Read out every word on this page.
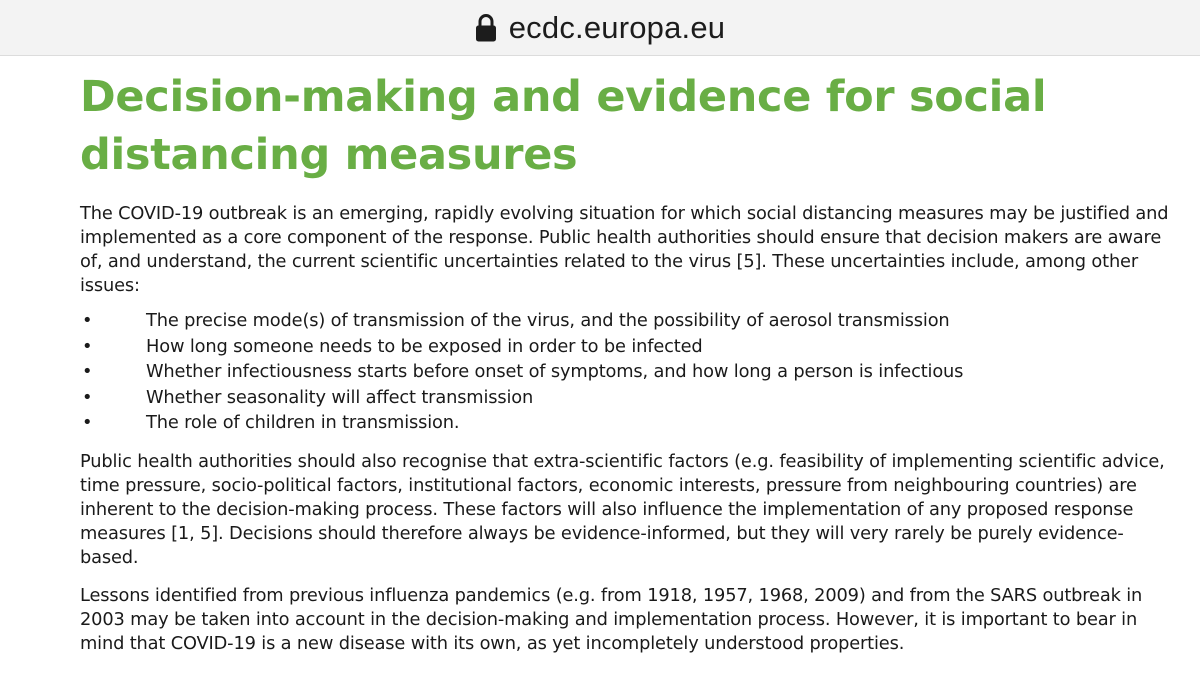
ecdc.europa.eu
Decision-making and evidence for social distancing measures

The COVID-19 outbreak is an emerging, rapidly evolving situation for which social distancing measures may be justified and implemented as a core component of the response. Public health authorities should ensure that decision makers are aware of, and understand, the current scientific uncertainties related to the virus [5]. These uncertainties include, among other issues:

•	The precise mode(s) of transmission of the virus, and the possibility of aerosol transmission
•	How long someone needs to be exposed in order to be infected
•	Whether infectiousness starts before onset of symptoms, and how long a person is infectious
•	Whether seasonality will affect transmission
•	The role of children in transmission.

Public health authorities should also recognise that extra-scientific factors (e.g. feasibility of implementing scientific advice, time pressure, socio-political factors, institutional factors, economic interests, pressure from neighbouring countries) are inherent to the decision-making process. These factors will also influence the implementation of any proposed response measures [1, 5]. Decisions should therefore always be evidence-informed, but they will very rarely be purely evidence-based.

Lessons identified from previous influenza pandemics (e.g. from 1918, 1957, 1968, 2009) and from the SARS outbreak in 2003 may be taken into account in the decision-making and implementation process. However, it is important to bear in mind that COVID-19 is a new disease with its own, as yet incompletely understood properties.
